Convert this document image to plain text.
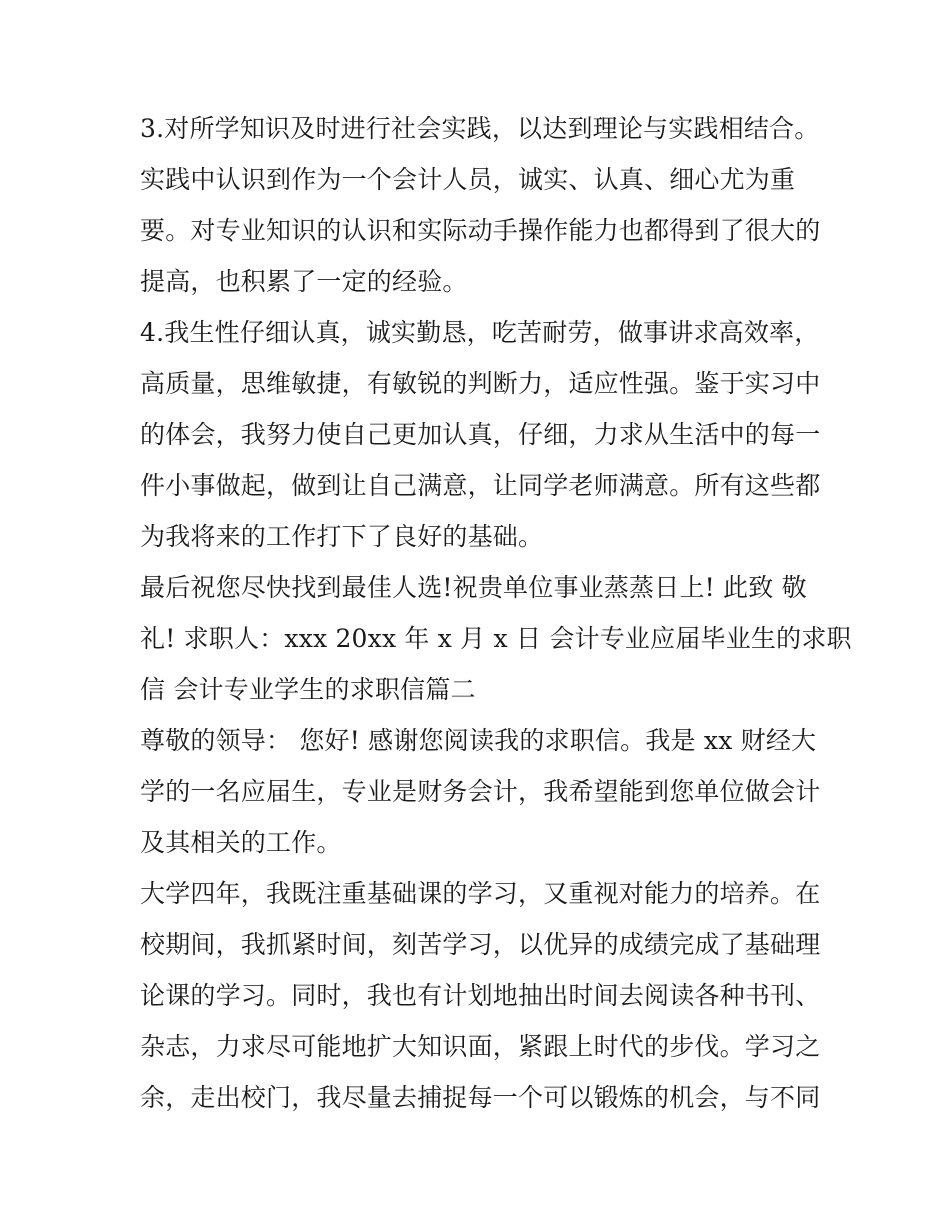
3.对所学知识及时进行社会实践，以达到理论与实践相结合。
实践中认识到作为一个会计人员，诚实、认真、细心尤为重
要。对专业知识的认识和实际动手操作能力也都得到了很大的
提高，也积累了一定的经验。
4.我生性仔细认真，诚实勤恳，吃苦耐劳，做事讲求高效率，
高质量，思维敏捷，有敏锐的判断力，适应性强。鉴于实习中
的体会，我努力使自己更加认真，仔细，力求从生活中的每一
件小事做起，做到让自己满意，让同学老师满意。所有这些都
为我将来的工作打下了良好的基础。
最后祝您尽快找到最佳人选!祝贵单位事业蒸蒸日上! 此致 敬
礼! 求职人：xxx 20xx 年 x 月 x 日 会计专业应届毕业生的求职
信 会计专业学生的求职信篇二
尊敬的领导： 您好! 感谢您阅读我的求职信。我是 xx 财经大
学的一名应届生，专业是财务会计，我希望能到您单位做会计
及其相关的工作。
大学四年，我既注重基础课的学习，又重视对能力的培养。在
校期间，我抓紧时间，刻苦学习，以优异的成绩完成了基础理
论课的学习。同时，我也有计划地抽出时间去阅读各种书刊、
杂志，力求尽可能地扩大知识面，紧跟上时代的步伐。学习之
余，走出校门，我尽量去捕捉每一个可以锻炼的机会，与不同
